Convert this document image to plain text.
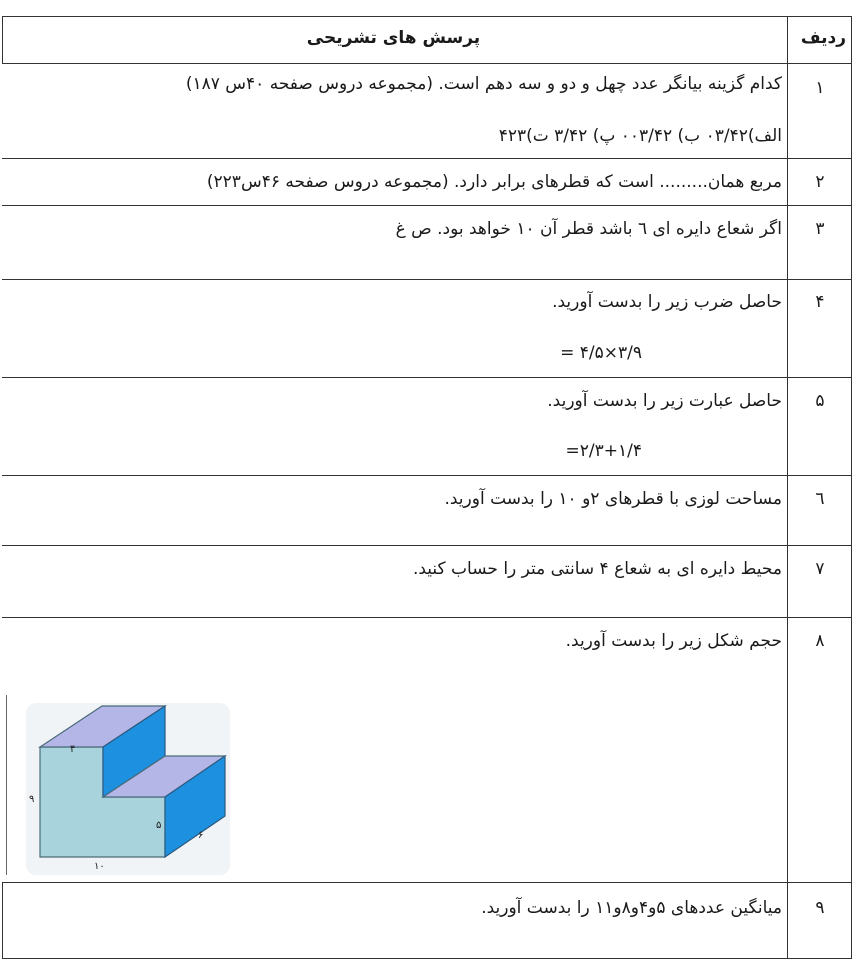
ردیف
پرسش های تشریحی
۱
کدام گزینه بیانگر عدد چهل و دو و سه دهم است. (مجموعه دروس صفحه ۴۰س ۱۸۷)
الف)۰۳/۴۲ ب) ۰۰۳/۴۲ پ) ۳/۴۲ ت)۴۲۳
۲
مربع همان......... است که قطرهای برابر دارد. (مجموعه دروس صفحه ۴۶س۲۲۳)
۳
اگر شعاع دایره ای ٦ باشد قطر آن ۱۰ خواهد بود. ص غ
۴
حاصل ضرب زیر را بدست آورید.
۳/۹×۴/۵ =
۵
حاصل عبارت زیر را بدست آورید.
۲/۳+۱/۴=
٦
مساحت لوزی با قطرهای ۲و ۱۰ را بدست آورید.
۷
محیط دایره ای به شعاع ۴ سانتی متر را حساب کنید.
۸
حجم شکل زیر را بدست آورید.
۴
۹
۵
۶
۱۰
۹
میانگین عددهای ۵و۴و۸و۱۱ را بدست آورید.
